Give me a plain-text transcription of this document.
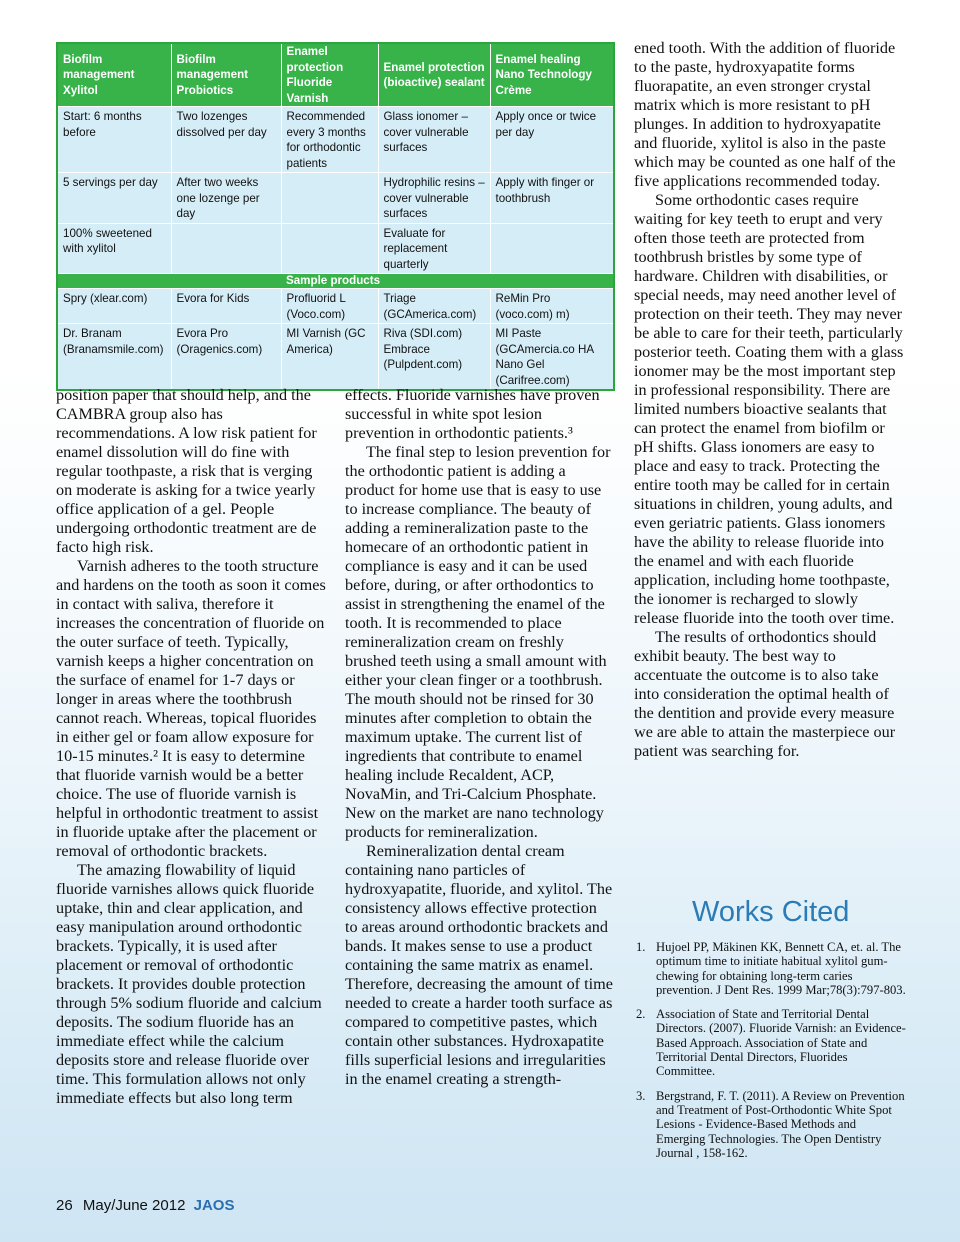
Biofilm management Xylitol	Biofilm management Probiotics	Enamel protection Fluoride Varnish	Enamel protection (bioactive) sealant	Enamel healing Nano Technology Crème
Start: 6 months before	Two lozenges dissolved per day	Recommended every 3 months for orthodontic patients	Glass ionomer – cover vulnerable surfaces	Apply once or twice per day
5 servings per day	After two weeks one lozenge per day		Hydrophilic resins – cover vulnerable surfaces	Apply with finger or toothbrush
100% sweetened with xylitol			Evaluate for replacement quarterly	
Sample products				
Spry (xlear.com)	Evora for Kids	Profluorid L (Voco.com)	Triage (GCAmerica.com)	ReMin Pro (voco.com) m)
Dr. Branam (Branamsmile.com)	Evora Pro (Oragenics.com)	MI Varnish (GC America)	Riva (SDI.com) Embrace (Pulpdent.com)	MI Paste (GCAmercia.co HA Nano Gel (Carifree.com)

position paper that should help, and the CAMBRA group also has recommendations. A low risk patient for enamel dissolution will do fine with regular toothpaste, a risk that is verging on moderate is asking for a twice yearly office application of a gel. People undergoing orthodontic treatment are de facto high risk.

Varnish adheres to the tooth structure and hardens on the tooth as soon it comes in contact with saliva, therefore it increases the concentration of fluoride on the outer surface of teeth. Typically, varnish keeps a higher concentration on the surface of enamel for 1-7 days or longer in areas where the toothbrush cannot reach. Whereas, topical fluorides in either gel or foam allow exposure for 10-15 minutes.² It is easy to determine that fluoride varnish would be a better choice. The use of fluoride varnish is helpful in orthodontic treatment to assist in fluoride uptake after the placement or removal of orthodontic brackets.

The amazing flowability of liquid fluoride varnishes allows quick fluoride uptake, thin and clear application, and easy manipulation around orthodontic brackets. Typically, it is used after placement or removal of orthodontic brackets. It provides double protection through 5% sodium fluoride and calcium deposits. The sodium fluoride has an immediate effect while the calcium deposits store and release fluoride over time. This formulation allows not only immediate effects but also long term

effects. Fluoride varnishes have proven successful in white spot lesion prevention in orthodontic patients.³

The final step to lesion prevention for the orthodontic patient is adding a product for home use that is easy to use to increase compliance. The beauty of adding a remineralization paste to the homecare of an orthodontic patient in compliance is easy and it can be used before, during, or after orthodontics to assist in strengthening the enamel of the tooth. It is recommended to place remineralization cream on freshly brushed teeth using a small amount with either your clean finger or a toothbrush. The mouth should not be rinsed for 30 minutes after completion to obtain the maximum uptake. The current list of ingredients that contribute to enamel healing include Recaldent, ACP, NovaMin, and Tri-Calcium Phosphate. New on the market are nano technology products for remineralization.

Remineralization dental cream containing nano particles of hydroxyapatite, fluoride, and xylitol. The consistency allows effective protection to areas around orthodontic brackets and bands. It makes sense to use a product containing the same matrix as enamel. Therefore, decreasing the amount of time needed to create a harder tooth surface as compared to competitive pastes, which contain other substances. Hydroxapatite fills superficial lesions and irregularities in the enamel creating a strength-

ened tooth. With the addition of fluoride to the paste, hydroxyapatite forms fluorapatite, an even stronger crystal matrix which is more resistant to pH plunges. In addition to hydroxyapatite and fluoride, xylitol is also in the paste which may be counted as one half of the five applications recommended today.

Some orthodontic cases require waiting for key teeth to erupt and very often those teeth are protected from toothbrush bristles by some type of hardware. Children with disabilities, or special needs, may need another level of protection on their teeth. They may never be able to care for their teeth, particularly posterior teeth. Coating them with a glass ionomer may be the most important step in professional responsibility. There are limited numbers bioactive sealants that can protect the enamel from biofilm or pH shifts. Glass ionomers are easy to place and easy to track. Protecting the entire tooth may be called for in certain situations in children, young adults, and even geriatric patients. Glass ionomers have the ability to release fluoride into the enamel and with each fluoride application, including home toothpaste, the ionomer is recharged to slowly release fluoride into the tooth over time.

The results of orthodontics should exhibit beauty. The best way to accentuate the outcome is to also take into consideration the optimal health of the dentition and provide every measure we are able to attain the masterpiece our patient was searching for.

Works Cited
1. Hujoel PP, Mäkinen KK, Bennett CA, et. al. The optimum time to initiate habitual xylitol gum-chewing for obtaining long-term caries prevention. J Dent Res. 1999 Mar;78(3):797-803.
2. Association of State and Territorial Dental Directors. (2007). Fluoride Varnish: an Evidence-Based Approach. Association of State and Territorial Dental Directors, Fluorides Committee.
3. Bergstrand, F. T. (2011). A Review on Prevention and Treatment of Post-Orthodontic White Spot Lesions - Evidence-Based Methods and Emerging Technologies. The Open Dentistry Journal , 158-162.
26 May/June 2012 JAOS
